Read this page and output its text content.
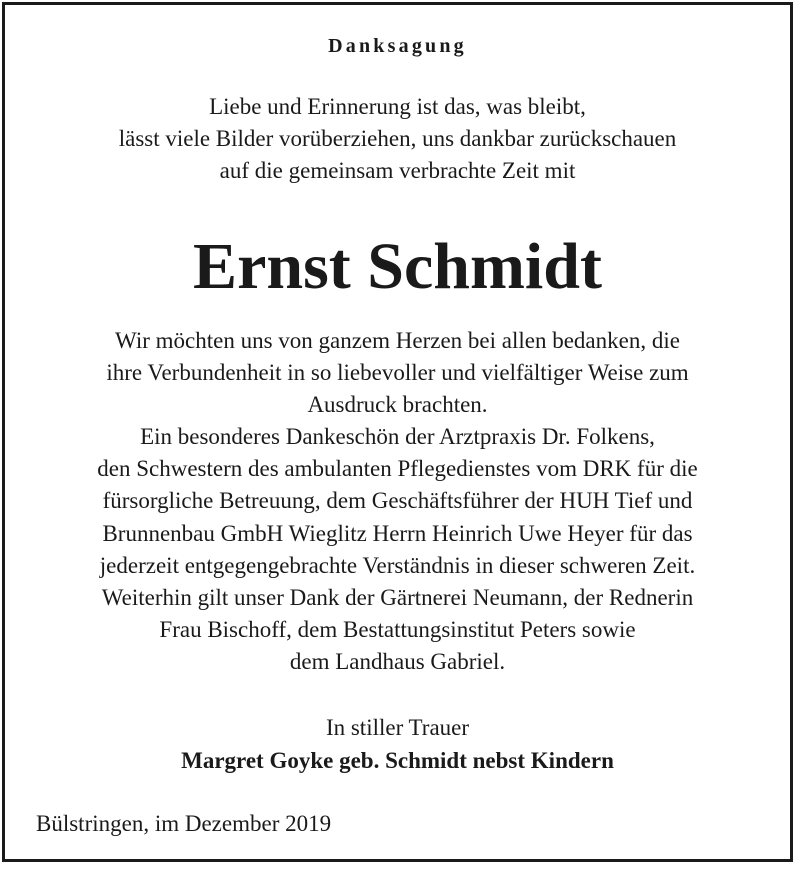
Danksagung
Liebe und Erinnerung ist das, was bleibt,
lässt viele Bilder vorüberziehen, uns dankbar zurückschauen
auf die gemeinsam verbrachte Zeit mit
Ernst Schmidt
Wir möchten uns von ganzem Herzen bei allen bedanken, die
ihre Verbundenheit in so liebevoller und vielfältiger Weise zum
Ausdruck brachten.
Ein besonderes Dankeschön der Arztpraxis Dr. Folkens,
den Schwestern des ambulanten Pflegedienstes vom DRK für die
fürsorgliche Betreuung, dem Geschäftsführer der HUH Tief und
Brunnenbau GmbH Wieglitz Herrn Heinrich Uwe Heyer für das
jederzeit entgegengebrachte Verständnis in dieser schweren Zeit.
Weiterhin gilt unser Dank der Gärtnerei Neumann, der Rednerin
Frau Bischoff, dem Bestattungsinstitut Peters sowie
dem Landhaus Gabriel.
In stiller Trauer
Margret Goyke geb. Schmidt nebst Kindern
Bülstringen, im Dezember 2019
